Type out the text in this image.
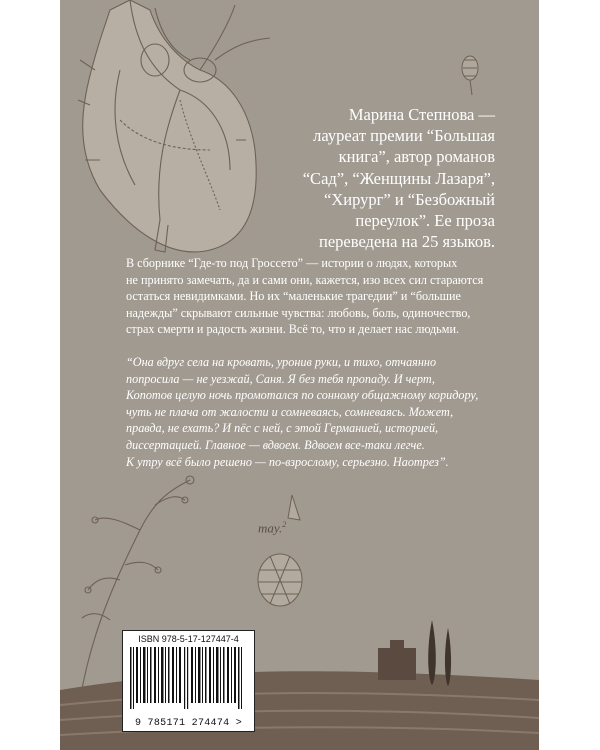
Марина Степнова —
лауреат премии “Большая
книга”, автор романов
“Сад”, “Женщины Лазаря”,
“Хирург” и “Безбожный
переулок”. Ее проза
переведена на 25 языков.

В сборнике “Где-то под Гроссето” — истории о людях, которых
не принято замечать, да и сами они, кажется, изо всех сил стараются
остаться невидимками. Но их “маленькие трагедии” и “большие
надежды” скрывают сильные чувства: любовь, боль, одиночество,
страх смерти и радость жизни. Всё то, что и делает нас людьми.

“Она вдруг села на кровать, уронив руки, и тихо, отчаянно
попросила — не уезжай, Саня. Я без тебя пропаду. И черт,
Копотов целую ночь промотался по сонному общажному коридору,
чуть не плача от жалости и сомневаясь, сомневаясь. Может,
правда, не ехать? И пёс с ней, с этой Германией, историей,
диссертацией. Главное — вдвоем. Вдвоем все-таки легче.
К утру всё было решено — по-взрослому, серьезно. Наотрез”.

may.$^2$

ISBN 978-5-17-127447-4

9 785171 274474 >
